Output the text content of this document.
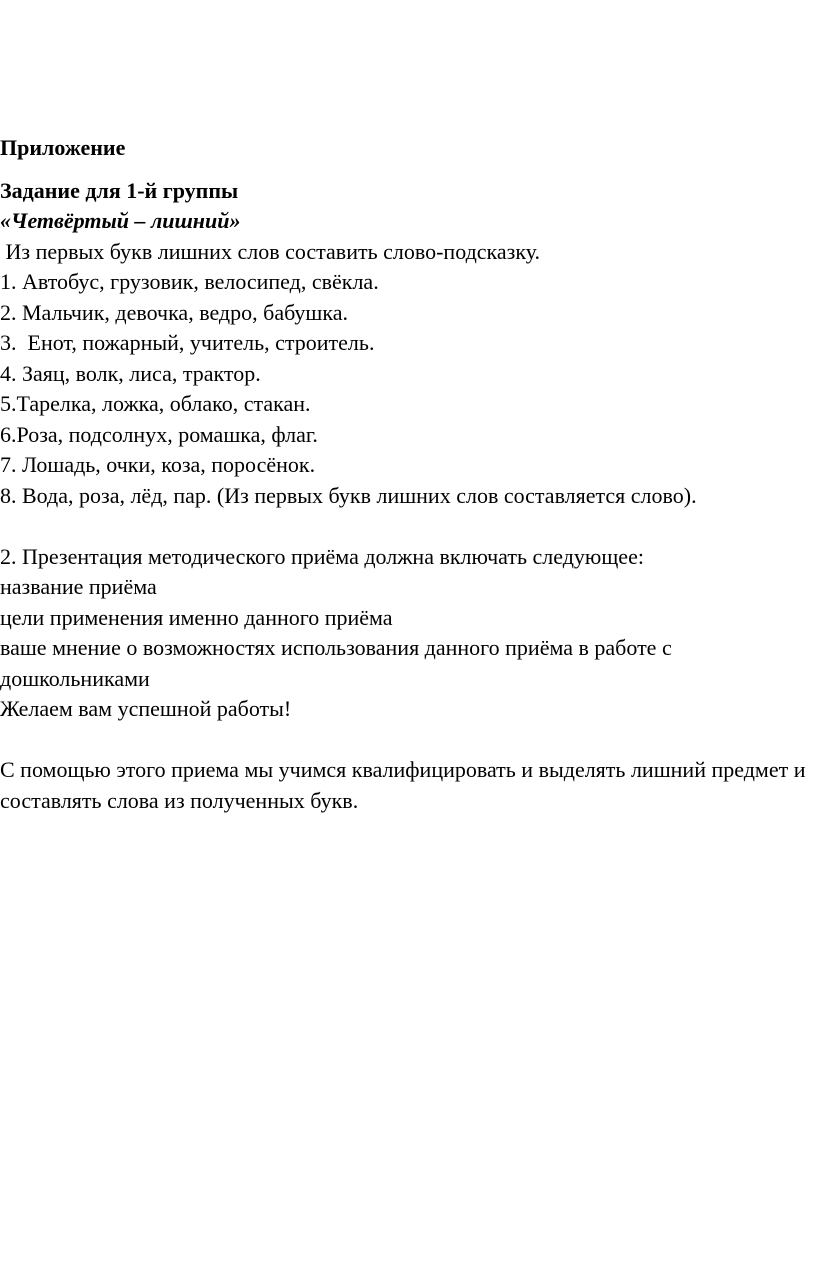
Приложение

Задание для 1-й группы

«Четвёртый – лишний»

Из первых букв лишних слов составить слово-подсказку.

1. Автобус, грузовик, велосипед, свёкла.

2. Мальчик, девочка, ведро, бабушка.

3.  Енот, пожарный, учитель, строитель.

4. Заяц, волк, лиса, трактор.

5.Тарелка, ложка, облако, стакан.

6.Роза, подсолнух, ромашка, флаг.

7. Лошадь, очки, коза, поросёнок.

8. Вода, роза, лёд, пар. (Из первых букв лишних слов составляется слово).

2. Презентация методического приёма должна включать следующее:

название приёма

цели применения именно данного приёма

ваше мнение о возможностях использования данного приёма в работе с дошкольниками

Желаем вам успешной работы!

С помощью этого приема мы учимся квалифицировать и выделять лишний предмет и составлять слова из полученных букв.
